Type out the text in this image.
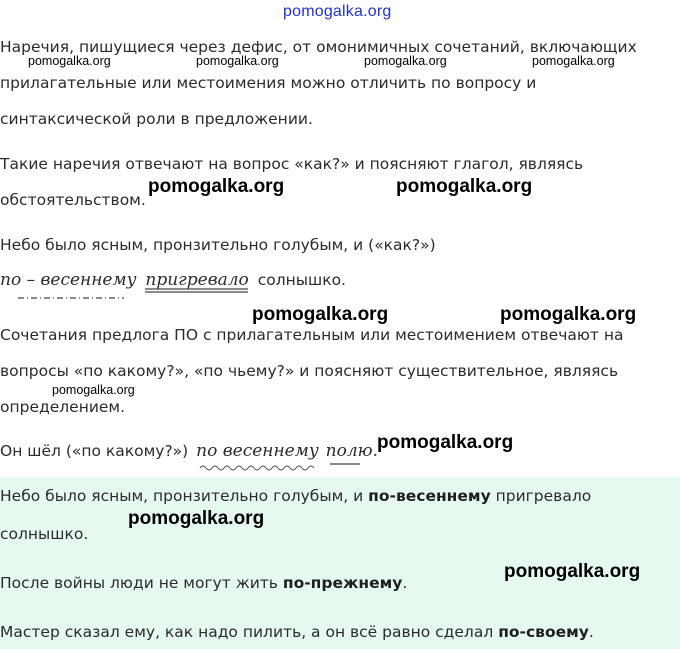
pomogalka.org
Наречия, пишущиеся через дефис, от омонимичных сочетаний, включающих
прилагательные или местоимения можно отличить по вопросу и
синтаксической роли в предложении.
Такие наречия отвечают на вопрос «как?» и поясняют глагол, являясь
обстоятельством.
Небо было ясным, пронзительно голубым, и («как?»)
по – весеннему пригревало солнышко.
Сочетания предлога ПО с прилагательным или местоимением отвечают на
вопросы «по какому?», «по чьему?» и поясняют существительное, являясь
определением.
Он шёл («по какому?») по весеннему полю.
Небо было ясным, пронзительно голубым, и по-весеннему пригревало
солнышко.
После войны люди не могут жить по-прежнему.
Мастер сказал ему, как надо пилить, а он всё равно сделал по-своему.
pomogalka.org	pomogalka.org	pomogalka.org	pomogalka.org
pomogalka.org	pomogalka.org
pomogalka.org	pomogalka.org
pomogalka.org
pomogalka.org
pomogalka.org
pomogalka.org
